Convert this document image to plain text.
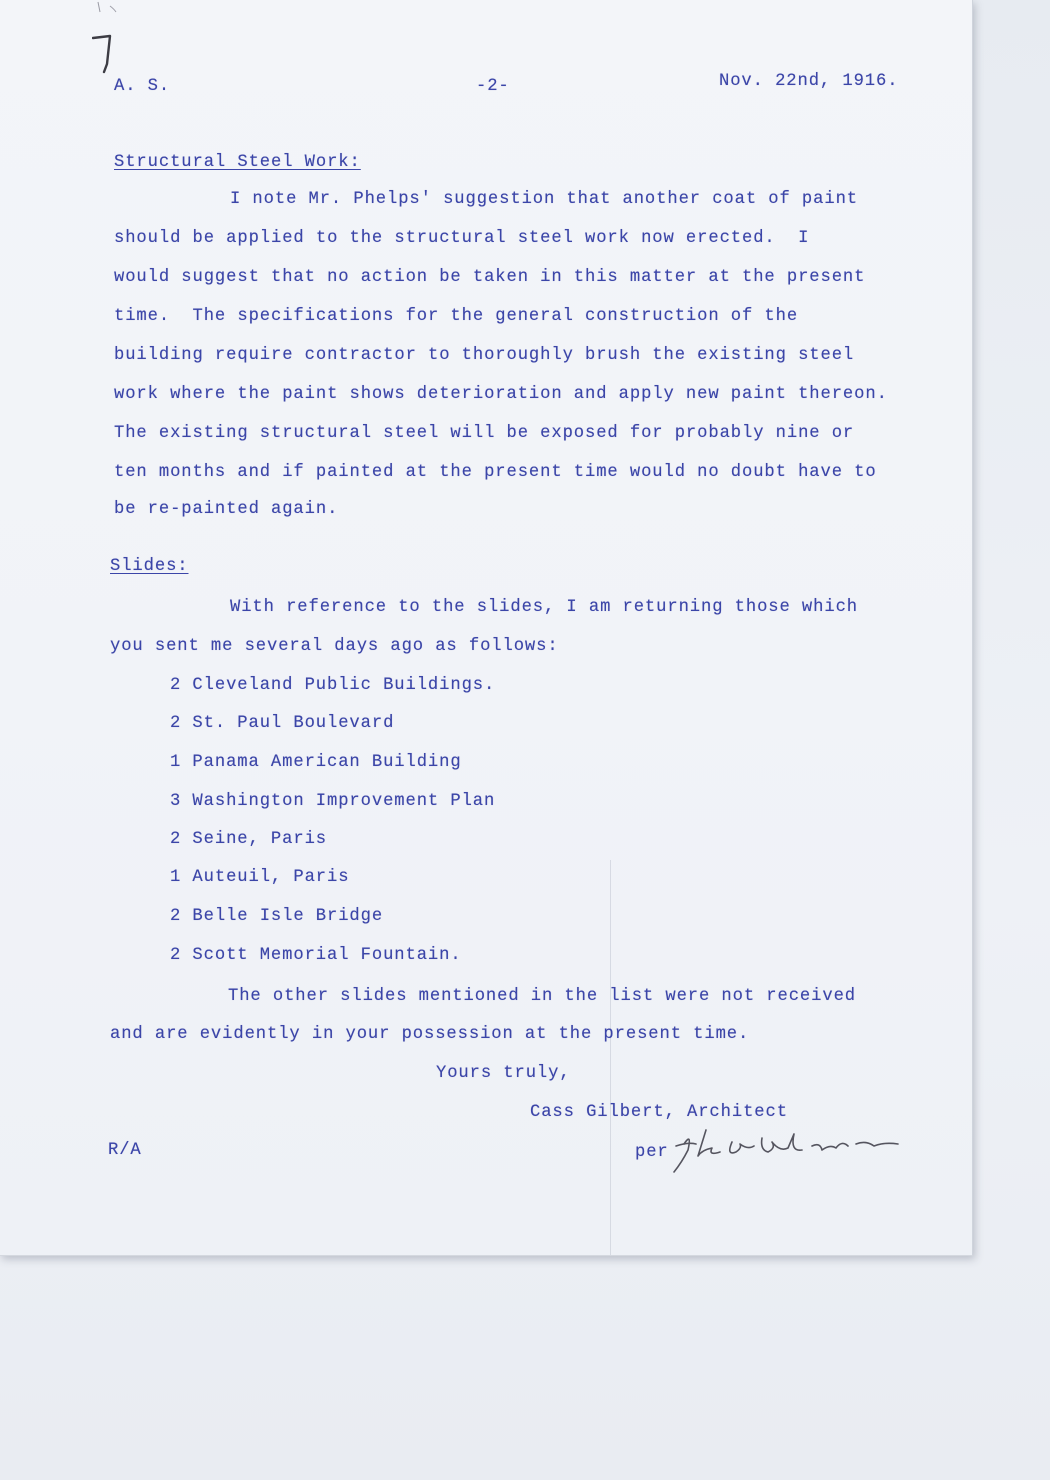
A. S.	-2-	Nov. 22nd, 1916.
Structural Steel Work:
I note Mr. Phelps' suggestion that another coat of paint
should be applied to the structural steel work now erected.  I
would suggest that no action be taken in this matter at the present
time.  The specifications for the general construction of the
building require contractor to thoroughly brush the existing steel
work where the paint shows deterioration and apply new paint thereon.
The existing structural steel will be exposed for probably nine or
ten months and if painted at the present time would no doubt have to
be re-painted again.
Slides:
With reference to the slides, I am returning those which
you sent me several days ago as follows:
2 Cleveland Public Buildings.
2 St. Paul Boulevard
1 Panama American Building
3 Washington Improvement Plan
2 Seine, Paris
1 Auteuil, Paris
2 Belle Isle Bridge
2 Scott Memorial Fountain.
The other slides mentioned in the list were not received
and are evidently in your possession at the present time.
Yours truly,
Cass Gilbert, Architect
R/A	per
